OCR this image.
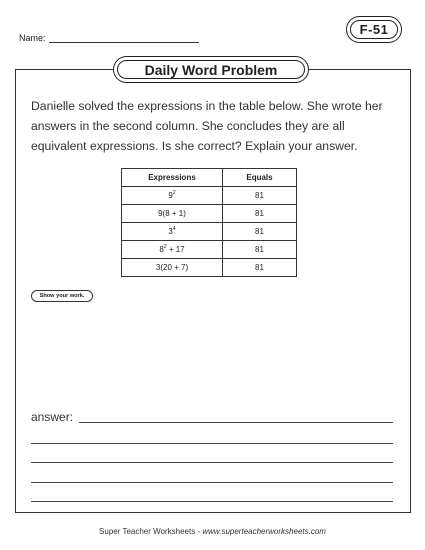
Name:
F-51
Daily Word Problem

Danielle solved the expressions in the table below. She wrote her answers in the second column. She concludes they are all equivalent expressions. Is she correct? Explain your answer.

Expressions	Equals
$9^2$	81
9(8 + 1)	81
$3^4$	81
$8^2 + 17$	81
3(20 + 7)	81
Show your work.
answer:
Super Teacher Worksheets - www.superteacherworksheets.com
